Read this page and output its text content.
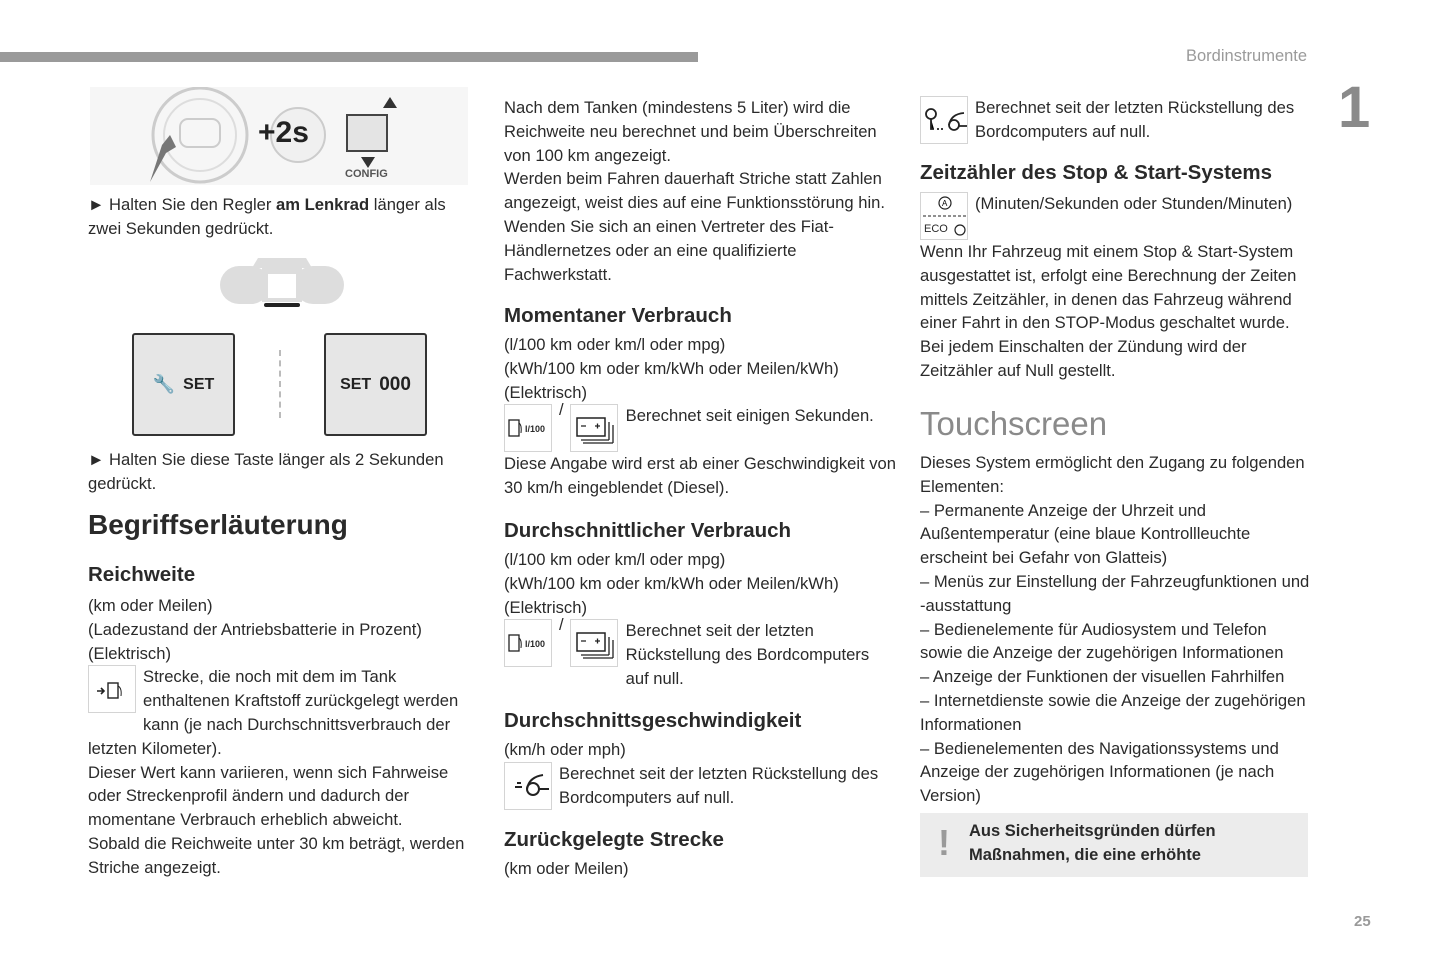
Bordinstrumente
1
25
+2s
CONFIG
► Halten Sie den Regler am Lenkrad länger als zwei Sekunden gedrückt.
🔧 SET	SET 000
► Halten Sie diese Taste länger als 2 Sekunden gedrückt.
Begriffserläuterung
Reichweite
(km oder Meilen)
(Ladezustand der Antriebsbatterie in Prozent)
(Elektrisch)
Strecke, die noch mit dem im Tank enthaltenen Kraftstoff zurückgelegt werden kann (je nach Durchschnittsverbrauch der letzten Kilometer).
Dieser Wert kann variieren, wenn sich Fahrweise oder Streckenprofil ändern und dadurch der momentane Verbrauch erheblich abweicht.
Sobald die Reichweite unter 30 km beträgt, werden Striche angezeigt.
Nach dem Tanken (mindestens 5 Liter) wird die Reichweite neu berechnet und beim Überschreiten von 100 km angezeigt.
Werden beim Fahren dauerhaft Striche statt Zahlen angezeigt, weist dies auf eine Funktionsstörung hin. Wenden Sie sich an einen Vertreter des Fiat-Händlernetzes oder an eine qualifizierte Fachwerkstatt.
Momentaner Verbrauch
(l/100 km oder km/l oder mpg)
(kWh/100 km oder km/kWh oder Meilen/kWh)
(Elektrisch)
l/100
/	Berechnet seit einigen Sekunden.
Diese Angabe wird erst ab einer Geschwindigkeit von 30 km/h eingeblendet (Diesel).
Durchschnittlicher Verbrauch
(l/100 km oder km/l oder mpg)
(kWh/100 km oder km/kWh oder Meilen/kWh)
(Elektrisch)
l/100
/	Berechnet seit der letzten Rückstellung des Bordcomputers auf null.
Durchschnittsgeschwindigkeit
(km/h oder mph)
Berechnet seit der letzten Rückstellung des Bordcomputers auf null.
Zurückgelegte Strecke
(km oder Meilen)
Berechnet seit der letzten Rückstellung des Bordcomputers auf null.
Zeitzähler des Stop & Start-Systems
A
ECO
(Minuten/Sekunden oder Stunden/Minuten)
Wenn Ihr Fahrzeug mit einem Stop & Start-System ausgestattet ist, erfolgt eine Berechnung der Zeiten mittels Zeitzähler, in denen das Fahrzeug während einer Fahrt in den STOP-Modus geschaltet wurde. Bei jedem Einschalten der Zündung wird der Zeitzähler auf Null gestellt.
Touchscreen
Dieses System ermöglicht den Zugang zu folgenden Elementen:
– Permanente Anzeige der Uhrzeit und Außentemperatur (eine blaue Kontrollleuchte erscheint bei Gefahr von Glatteis)
– Menüs zur Einstellung der Fahrzeugfunktionen und -ausstattung
– Bedienelemente für Audiosystem und Telefon sowie die Anzeige der zugehörigen Informationen
– Anzeige der Funktionen der visuellen Fahrhilfen
– Internetdienste sowie die Anzeige der zugehörigen Informationen
– Bedienelementen des Navigationssystems und Anzeige der zugehörigen Informationen (je nach Version)
! Aus Sicherheitsgründen dürfen Maßnahmen, die eine erhöhte
